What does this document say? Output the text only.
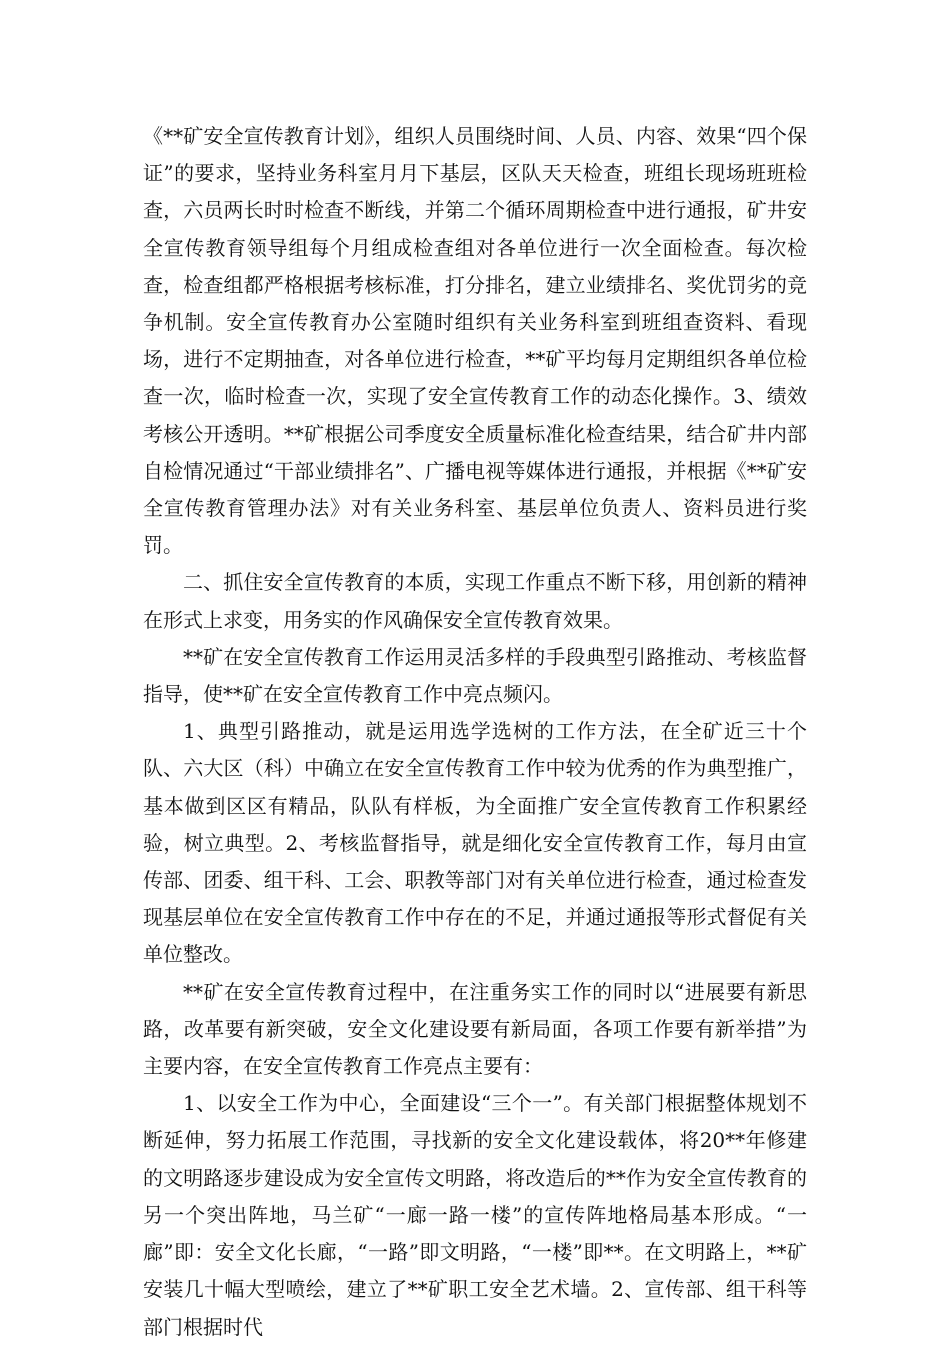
《**矿安全宣传教育计划》，组织人员围绕时间、人员、内容、效果“四个保证”的要求，坚持业务科室月月下基层，区队天天检查，班组长现场班班检查，六员两长时时检查不断线，并第二个循环周期检查中进行通报，矿井安全宣传教育领导组每个月组成检查组对各单位进行一次全面检查。每次检查，检查组都严格根据考核标准，打分排名，建立业绩排名、奖优罚劣的竞争机制。安全宣传教育办公室随时组织有关业务科室到班组查资料、看现场，进行不定期抽查，对各单位进行检查，**矿平均每月定期组织各单位检查一次，临时检查一次，实现了安全宣传教育工作的动态化操作。3、绩效考核公开透明。**矿根据公司季度安全质量标准化检查结果，结合矿井内部自检情况通过“干部业绩排名”、广播电视等媒体进行通报，并根据《**矿安全宣传教育管理办法》对有关业务科室、基层单位负责人、资料员进行奖罚。

二、抓住安全宣传教育的本质，实现工作重点不断下移，用创新的精神在形式上求变，用务实的作风确保安全宣传教育效果。

**矿在安全宣传教育工作运用灵活多样的手段典型引路推动、考核监督指导，使**矿在安全宣传教育工作中亮点频闪。

1、典型引路推动，就是运用选学选树的工作方法，在全矿近三十个队、六大区（科）中确立在安全宣传教育工作中较为优秀的作为典型推广，基本做到区区有精品，队队有样板，为全面推广安全宣传教育工作积累经验，树立典型。2、考核监督指导，就是细化安全宣传教育工作，每月由宣传部、团委、组干科、工会、职教等部门对有关单位进行检查，通过检查发现基层单位在安全宣传教育工作中存在的不足，并通过通报等形式督促有关单位整改。

**矿在安全宣传教育过程中，在注重务实工作的同时以“进展要有新思路，改革要有新突破，安全文化建设要有新局面，各项工作要有新举措”为主要内容，在安全宣传教育工作亮点主要有：

1、以安全工作为中心，全面建设“三个一”。有关部门根据整体规划不断延伸，努力拓展工作范围，寻找新的安全文化建设载体，将20**年修建的文明路逐步建设成为安全宣传文明路，将改造后的**作为安全宣传教育的另一个突出阵地，马兰矿“一廊一路一楼”的宣传阵地格局基本形成。“一廊”即：安全文化长廊，“一路”即文明路，“一楼”即**。在文明路上，**矿安装几十幅大型喷绘，建立了**矿职工安全艺术墙。2、宣传部、组干科等部门根据时代
